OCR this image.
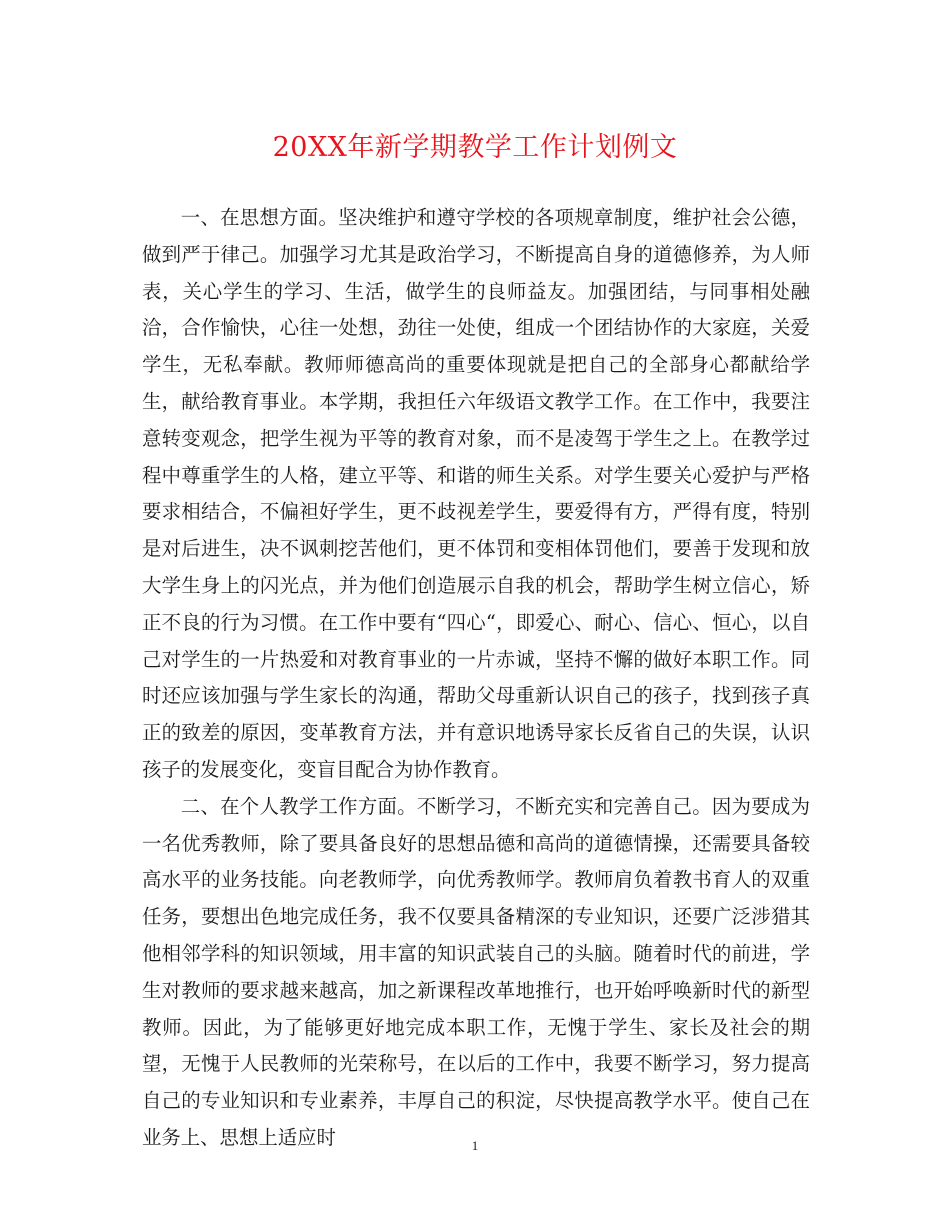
20XX年新学期教学工作计划例文

一、在思想方面。坚决维护和遵守学校的各项规章制度，维护社会公德，做到严于律己。加强学习尤其是政治学习，不断提高自身的道德修养，为人师表，关心学生的学习、生活，做学生的良师益友。加强团结，与同事相处融洽，合作愉快，心往一处想，劲往一处使，组成一个团结协作的大家庭，关爱学生，无私奉献。教师师德高尚的重要体现就是把自己的全部身心都献给学生，献给教育事业。本学期，我担任六年级语文教学工作。在工作中，我要注意转变观念，把学生视为平等的教育对象，而不是凌驾于学生之上。在教学过程中尊重学生的人格，建立平等、和谐的师生关系。对学生要关心爱护与严格要求相结合，不偏袒好学生，更不歧视差学生，要爱得有方，严得有度，特别是对后进生，决不讽刺挖苦他们，更不体罚和变相体罚他们，要善于发现和放大学生身上的闪光点，并为他们创造展示自我的机会，帮助学生树立信心，矫正不良的行为习惯。在工作中要有“四心“，即爱心、耐心、信心、恒心，以自己对学生的一片热爱和对教育事业的一片赤诚，坚持不懈的做好本职工作。同时还应该加强与学生家长的沟通，帮助父母重新认识自己的孩子，找到孩子真正的致差的原因，变革教育方法，并有意识地诱导家长反省自己的失误，认识孩子的发展变化，变盲目配合为协作教育。

二、在个人教学工作方面。不断学习，不断充实和完善自己。因为要成为一名优秀教师，除了要具备良好的思想品德和高尚的道德情操，还需要具备较高水平的业务技能。向老教师学，向优秀教师学。教师肩负着教书育人的双重任务，要想出色地完成任务，我不仅要具备精深的专业知识，还要广泛涉猎其他相邻学科的知识领域，用丰富的知识武装自己的头脑。随着时代的前进，学生对教师的要求越来越高，加之新课程改革地推行，也开始呼唤新时代的新型教师。因此，为了能够更好地完成本职工作，无愧于学生、家长及社会的期望，无愧于人民教师的光荣称号，在以后的工作中，我要不断学习，努力提高自己的专业知识和专业素养，丰厚自己的积淀，尽快提高教学水平。使自己在业务上、思想上适应时	1
